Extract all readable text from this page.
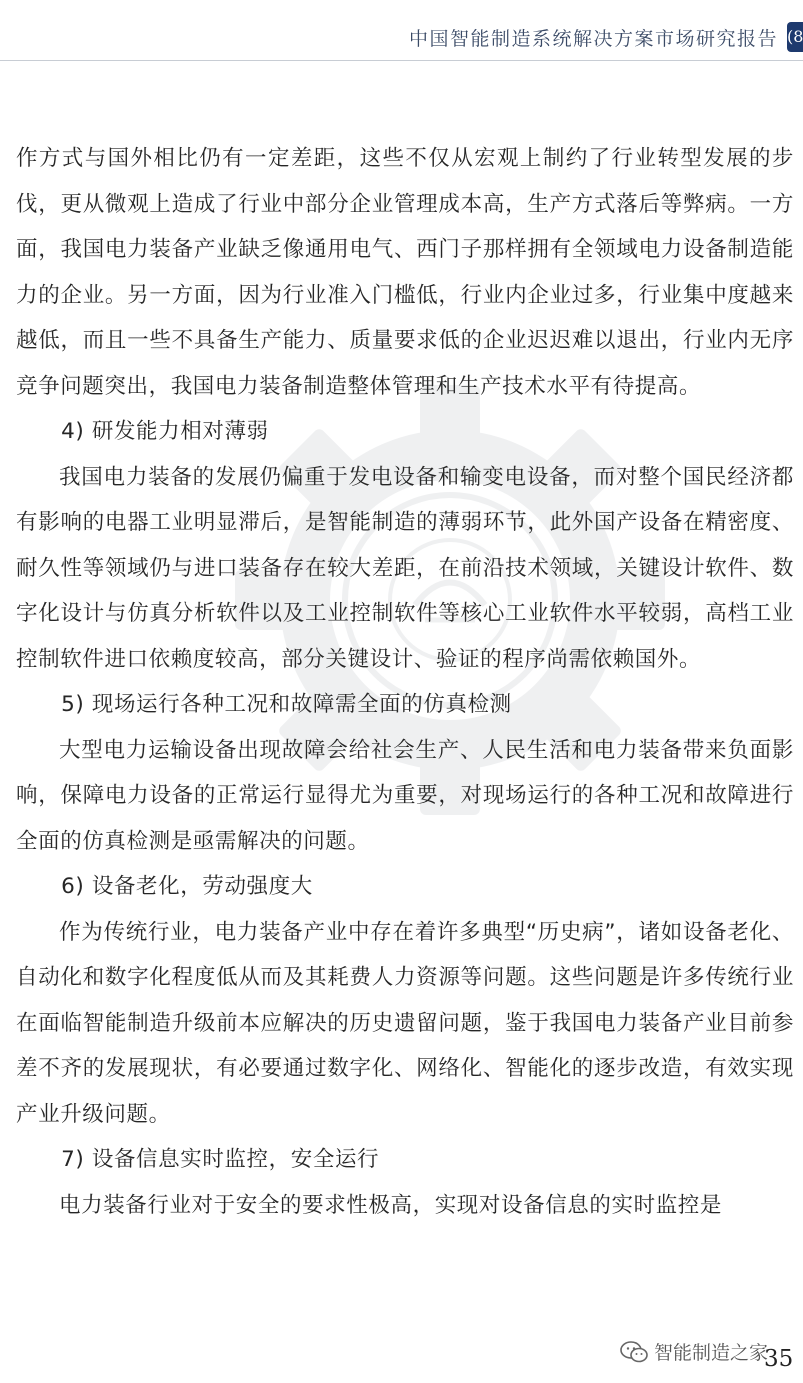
中国智能制造系统解决方案市场研究报告 (8

作方式与国外相比仍有一定差距，这些不仅从宏观上制约了行业转型发展的步伐，更从微观上造成了行业中部分企业管理成本高，生产方式落后等弊病。一方面，我国电力装备产业缺乏像通用电气、西门子那样拥有全领域电力设备制造能力的企业。另一方面，因为行业准入门槛低，行业内企业过多，行业集中度越来越低，而且一些不具备生产能力、质量要求低的企业迟迟难以退出，行业内无序竞争问题突出，我国电力装备制造整体管理和生产技术水平有待提高。

4) 研发能力相对薄弱

我国电力装备的发展仍偏重于发电设备和输变电设备，而对整个国民经济都有影响的电器工业明显滞后，是智能制造的薄弱环节，此外国产设备在精密度、耐久性等领域仍与进口装备存在较大差距，在前沿技术领域，关键设计软件、数字化设计与仿真分析软件以及工业控制软件等核心工业软件水平较弱，高档工业控制软件进口依赖度较高，部分关键设计、验证的程序尚需依赖国外。

5) 现场运行各种工况和故障需全面的仿真检测

大型电力运输设备出现故障会给社会生产、人民生活和电力装备带来负面影响，保障电力设备的正常运行显得尤为重要，对现场运行的各种工况和故障进行全面的仿真检测是亟需解决的问题。

6) 设备老化，劳动强度大

作为传统行业，电力装备产业中存在着许多典型“历史病”，诸如设备老化、自动化和数字化程度低从而及其耗费人力资源等问题。这些问题是许多传统行业在面临智能制造升级前本应解决的历史遗留问题，鉴于我国电力装备产业目前参差不齐的发展现状，有必要通过数字化、网络化、智能化的逐步改造，有效实现产业升级问题。

7) 设备信息实时监控，安全运行

电力装备行业对于安全的要求性极高，实现对设备信息的实时监控是

智能制造之家
35
